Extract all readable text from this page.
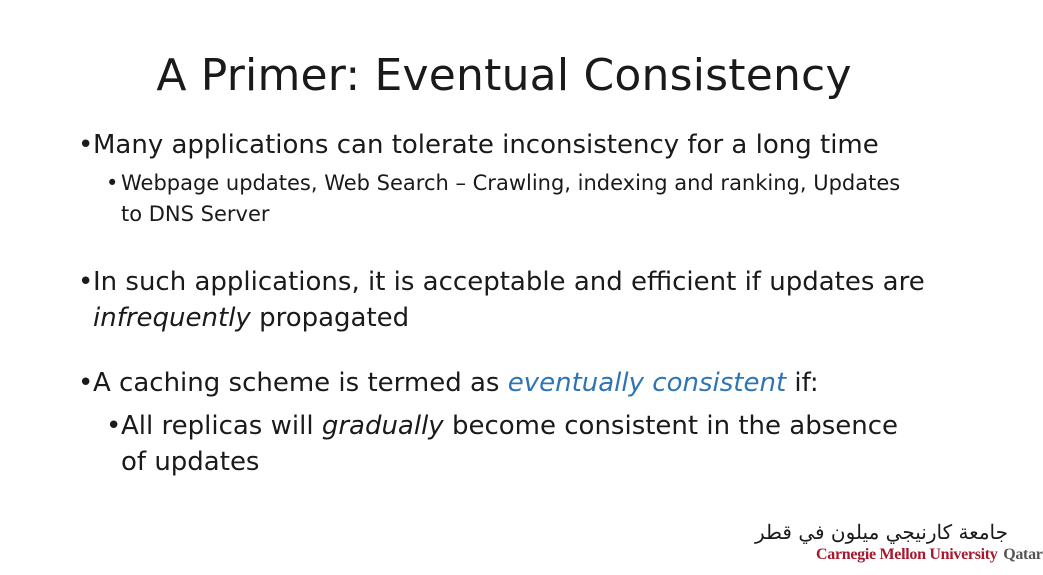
A Primer: Eventual Consistency
• Many applications can tolerate inconsistency for a long time
• Webpage updates, Web Search – Crawling, indexing and ranking, Updates to DNS Server
• In such applications, it is acceptable and efficient if updates are infrequently propagated
• A caching scheme is termed as eventually consistent if:
• All replicas will gradually become consistent in the absence of updates
جامعة كارنيجي ميلون في قطر
Carnegie Mellon University Qatar
